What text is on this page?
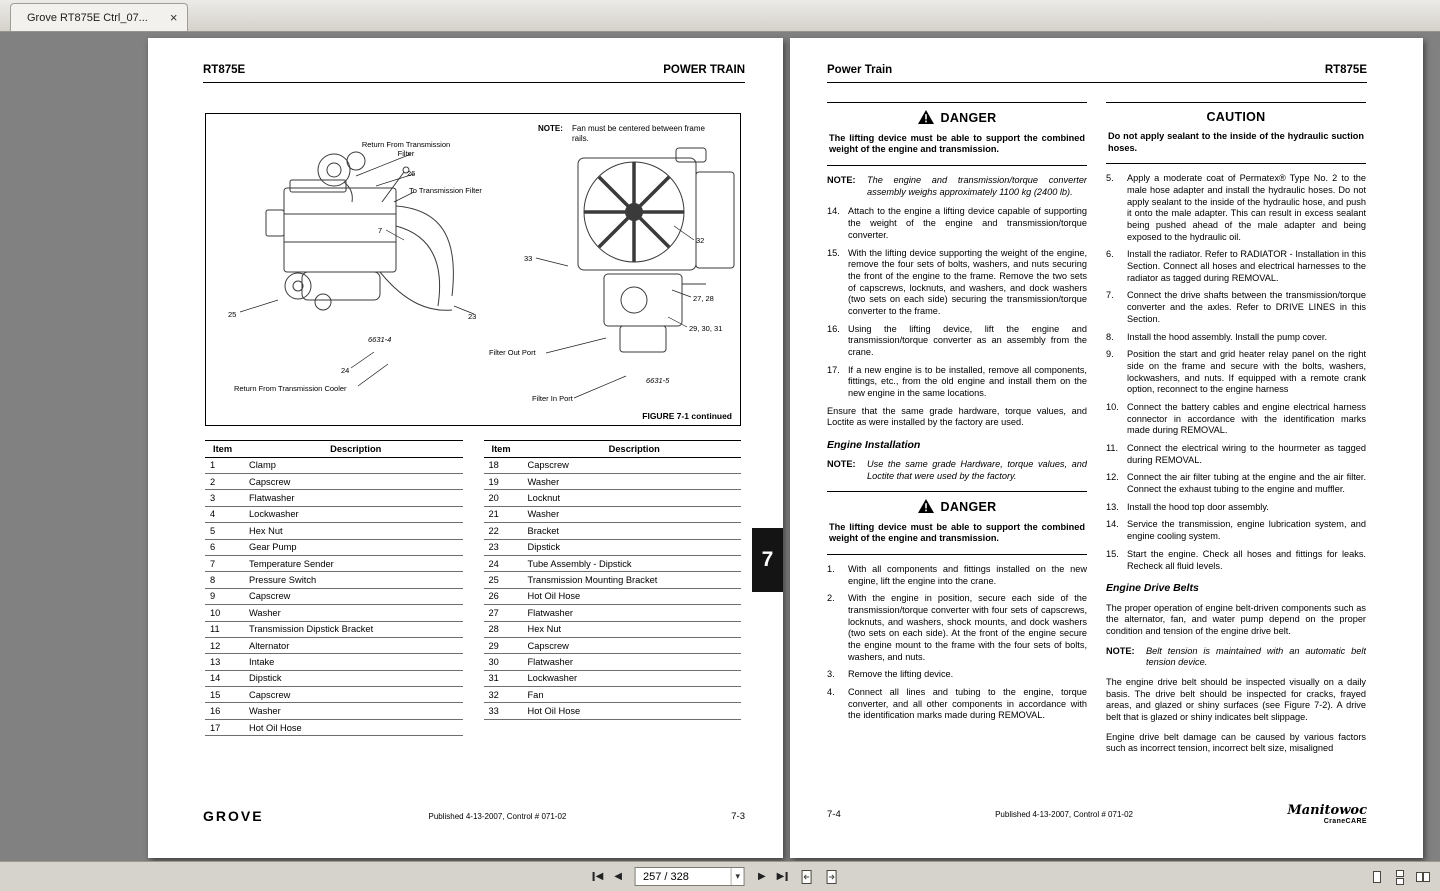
Grove RT875E Ctrl_07... ×
RT875E	POWER TRAIN
NOTE:	Fan must be centered between frame rails.
Return From Transmission Filter
26
To Transmission Filter
7
33
32
25	23
27, 28
29, 30, 31
6631-4
Filter Out Port
24
Return From Transmission Cooler
6631-5
Filter In Port
FIGURE 7-1 continued
Item	Description
1	Clamp
2	Capscrew
3	Flatwasher
4	Lockwasher
5	Hex Nut
6	Gear Pump
7	Temperature Sender
8	Pressure Switch
9	Capscrew
10	Washer
11	Transmission Dipstick Bracket
12	Alternator
13	Intake
14	Dipstick
15	Capscrew
16	Washer
17	Hot Oil Hose
Item	Description
18	Capscrew
19	Washer
20	Locknut
21	Washer
22	Bracket
23	Dipstick
24	Tube Assembly - Dipstick
25	Transmission Mounting Bracket
26	Hot Oil Hose
27	Flatwasher
28	Hex Nut
29	Capscrew
30	Flatwasher
31	Lockwasher
32	Fan
33	Hot Oil Hose
GROVE	Published 4-13-2007, Control # 071-02	7-3
7
Power Train	RT875E
DANGER
The lifting device must be able to support the combined weight of the engine and transmission.
NOTE:	The engine and transmission/torque converter assembly weighs approximately 1100 kg (2400 lb).
14. Attach to the engine a lifting device capable of supporting the weight of the engine and transmission/torque converter.
15. With the lifting device supporting the weight of the engine, remove the four sets of bolts, washers, and nuts securing the front of the engine to the frame. Remove the two sets of capscrews, locknuts, and washers, and dock washers (two sets on each side) securing the transmission/torque converter to the frame.
16. Using the lifting device, lift the engine and transmission/torque converter as an assembly from the crane.
17. If a new engine is to be installed, remove all components, fittings, etc., from the old engine and install them on the new engine in the same locations.
Ensure that the same grade hardware, torque values, and Loctite as were installed by the factory are used.
Engine Installation
NOTE:	Use the same grade Hardware, torque values, and Loctite that were used by the factory.
DANGER
The lifting device must be able to support the combined weight of the engine and transmission.
1.	With all components and fittings installed on the new engine, lift the engine into the crane.
2.	With the engine in position, secure each side of the transmission/torque converter with four sets of capscrews, locknuts, and washers, shock mounts, and dock washers (two sets on each side). At the front of the engine secure the engine mount to the frame with the four sets of bolts, washers, and nuts.
3.	Remove the lifting device.
4.	Connect all lines and tubing to the engine, torque converter, and all other components in accordance with the identification marks made during REMOVAL.
CAUTION
Do not apply sealant to the inside of the hydraulic suction hoses.
5.	Apply a moderate coat of Permatex® Type No. 2 to the male hose adapter and install the hydraulic hoses. Do not apply sealant to the inside of the hydraulic hose, and push it onto the male adapter. This can result in excess sealant being pushed ahead of the male adapter and being exposed to the hydraulic oil.
6.	Install the radiator. Refer to RADIATOR - Installation in this Section. Connect all hoses and electrical harnesses to the radiator as tagged during REMOVAL.
7.	Connect the drive shafts between the transmission/torque converter and the axles. Refer to DRIVE LINES in this Section.
8.	Install the hood assembly. Install the pump cover.
9.	Position the start and grid heater relay panel on the right side on the frame and secure with the bolts, washers, lockwashers, and nuts. If equipped with a remote crank option, reconnect to the engine harness
10. Connect the battery cables and engine electrical harness connector in accordance with the identification marks made during REMOVAL.
11. Connect the electrical wiring to the hourmeter as tagged during REMOVAL.
12. Connect the air filter tubing at the engine and the air filter. Connect the exhaust tubing to the engine and muffler.
13. Install the hood top door assembly.
14. Service the transmission, engine lubrication system, and engine cooling system.
15. Start the engine. Check all hoses and fittings for leaks. Recheck all fluid levels.
Engine Drive Belts
The proper operation of engine belt-driven components such as the alternator, fan, and water pump depend on the proper condition and tension of the engine drive belt.
NOTE:	Belt tension is maintained with an automatic belt tension device.
The engine drive belt should be inspected visually on a daily basis. The drive belt should be inspected for cracks, frayed areas, and glazed or shiny surfaces (see Figure 7-2). A drive belt that is glazed or shiny indicates belt slippage.
Engine drive belt damage can be caused by various factors such as incorrect tension, incorrect belt size, misaligned
7-4	Published 4-13-2007, Control # 071-02	Manitowoc
CraneCARE
◀ ◀ 257 / 328	▾	▶ ▶
